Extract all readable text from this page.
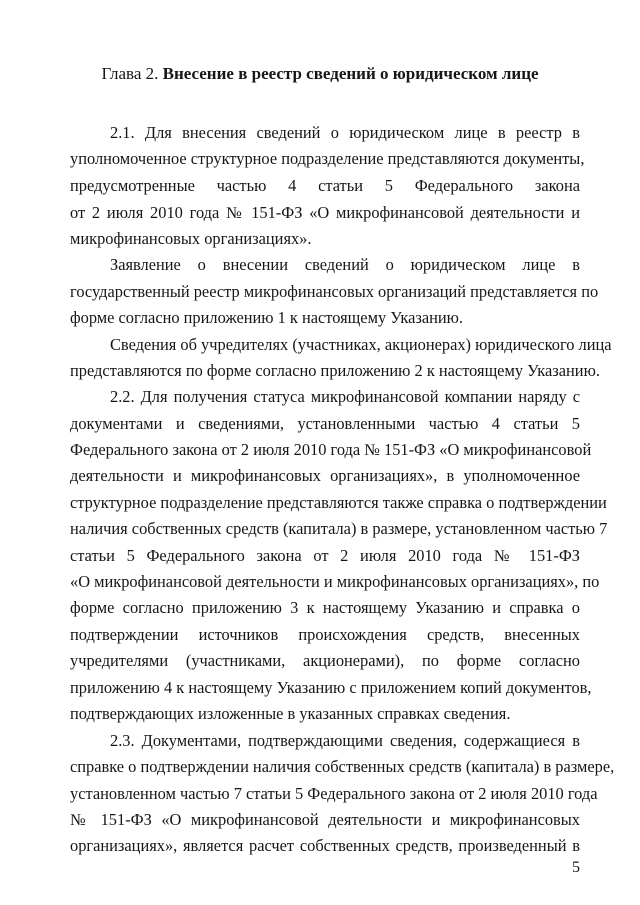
Глава 2. Внесение в реестр сведений о юридическом лице
2.1. Для внесения сведений о юридическом лице в реестр в
уполномоченное структурное подразделение представляются документы,
предусмотренные частью 4 статьи 5 Федерального закона
от 2 июля 2010 года № 151-ФЗ «О микрофинансовой деятельности и
микрофинансовых организациях».
Заявление о внесении сведений о юридическом лице в
государственный реестр микрофинансовых организаций представляется по
форме согласно приложению 1 к настоящему Указанию.
Сведения об учредителях (участниках, акционерах) юридического лица
представляются по форме согласно приложению 2 к настоящему Указанию.
2.2. Для получения статуса микрофинансовой компании наряду с
документами и сведениями, установленными частью 4 статьи 5
Федерального закона от 2 июля 2010 года № 151-ФЗ «О микрофинансовой
деятельности и микрофинансовых организациях», в уполномоченное
структурное подразделение представляются также справка о подтверждении
наличия собственных средств (капитала) в размере, установленном частью 7
статьи 5 Федерального закона от 2 июля 2010 года № 151-ФЗ
«О микрофинансовой деятельности и микрофинансовых организациях», по
форме согласно приложению 3 к настоящему Указанию и справка о
подтверждении источников происхождения средств, внесенных
учредителями (участниками, акционерами), по форме согласно
приложению 4 к настоящему Указанию с приложением копий документов,
подтверждающих изложенные в указанных справках сведения.
2.3. Документами, подтверждающими сведения, содержащиеся в
справке о подтверждении наличия собственных средств (капитала) в размере,
установленном частью 7 статьи 5 Федерального закона от 2 июля 2010 года
№ 151-ФЗ «О микрофинансовой деятельности и микрофинансовых
организациях», является расчет собственных средств, произведенный в
5
